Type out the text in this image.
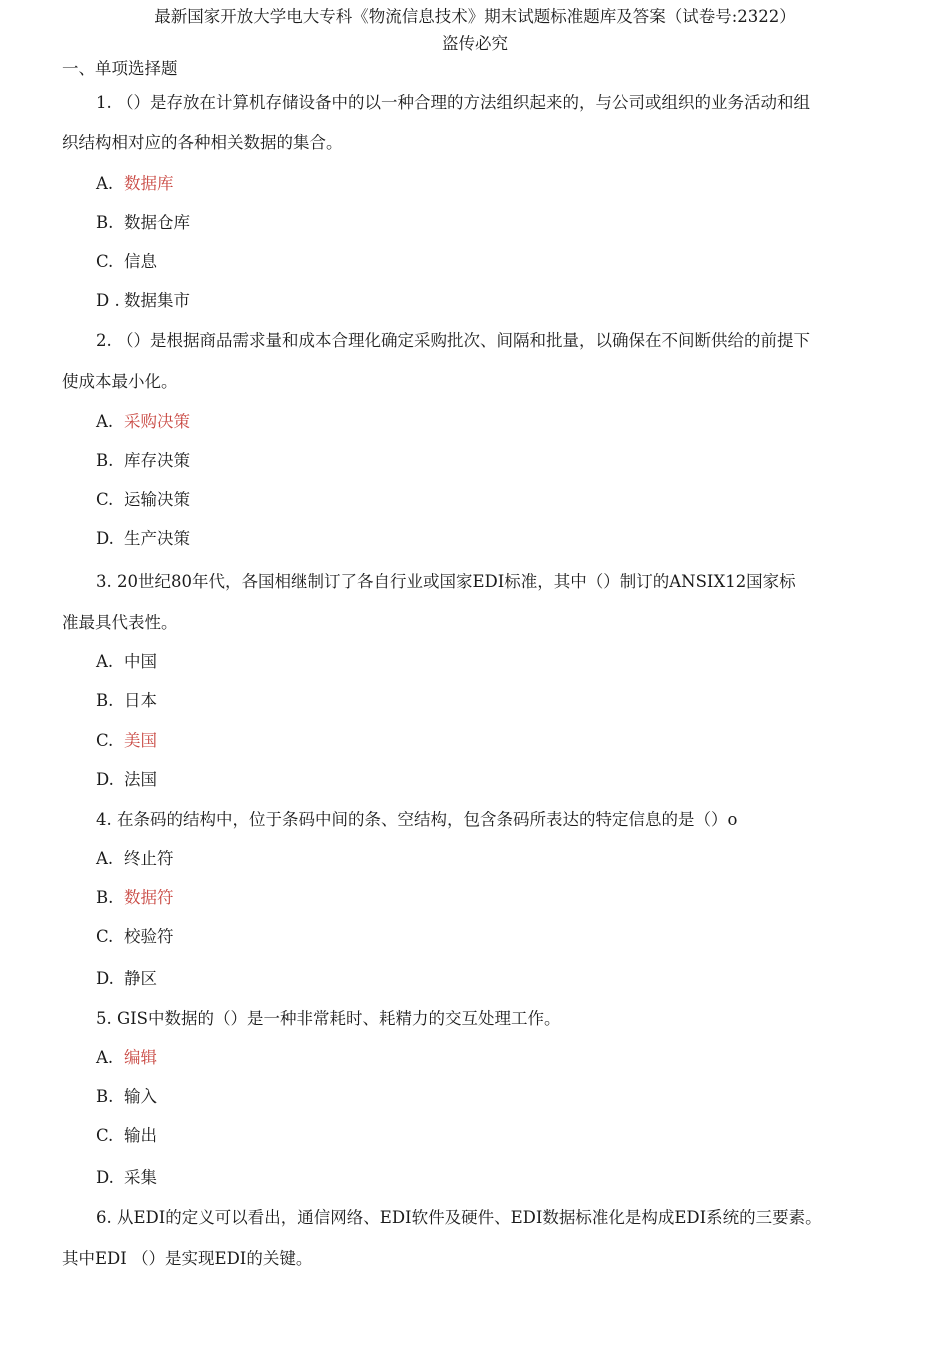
最新国家开放大学电大专科《物流信息技术》期末试题标准题库及答案（试卷号:2322）
盗传必究
一、单项选择题
1. （）是存放在计算机存储设备中的以一种合理的方法组织起来的，与公司或组织的业务活动和组
织结构相对应的各种相关数据的集合。
A. 数据库
B. 数据仓库
C. 信息
D . 数据集市
2. （）是根据商品需求量和成本合理化确定采购批次、间隔和批量，以确保在不间断供给的前提下
使成本最小化。
A. 采购决策
B. 库存决策
C. 运输决策
D. 生产决策
3. 20世纪80年代，各国相继制订了各自行业或国家EDI标准，其中（）制订的ANSIX12国家标
准最具代表性。
A. 中国
B. 日本
C. 美国
D. 法国
4. 在条码的结构中，位于条码中间的条、空结构，包含条码所表达的特定信息的是（）o
A. 终止符
B. 数据符
C. 校验符
D. 静区
5. GIS中数据的（）是一种非常耗时、耗精力的交互处理工作。
A. 编辑
B. 输入
C. 输出
D. 采集
6. 从EDI的定义可以看出，通信网络、EDI软件及硬件、EDI数据标准化是构成EDI系统的三要素。
其中EDI （）是实现EDI的关键。
